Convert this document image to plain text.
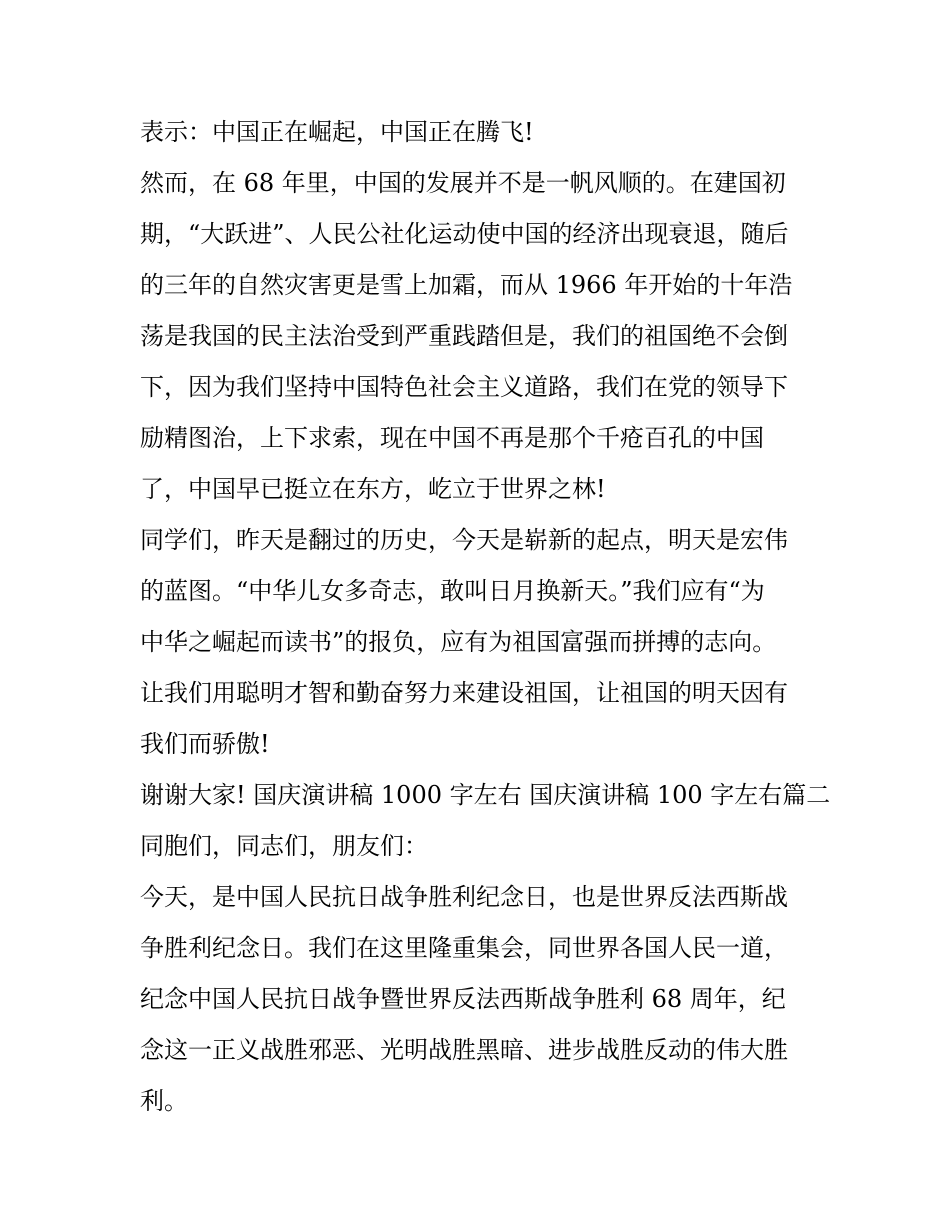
表示：中国正在崛起，中国正在腾飞!
然而，在 68 年里，中国的发展并不是一帆风顺的。在建国初
期，“大跃进”、人民公社化运动使中国的经济出现衰退，随后
的三年的自然灾害更是雪上加霜，而从 1966 年开始的十年浩
荡是我国的民主法治受到严重践踏但是，我们的祖国绝不会倒
下，因为我们坚持中国特色社会主义道路，我们在党的领导下
励精图治，上下求索，现在中国不再是那个千疮百孔的中国
了，中国早已挺立在东方，屹立于世界之林!
同学们，昨天是翻过的历史，今天是崭新的起点，明天是宏伟
的蓝图。“中华儿女多奇志，敢叫日月换新天。”我们应有“为
中华之崛起而读书”的报负，应有为祖国富强而拼搏的志向。
让我们用聪明才智和勤奋努力来建设祖国，让祖国的明天因有
我们而骄傲!
谢谢大家! 国庆演讲稿 1000 字左右 国庆演讲稿 100 字左右篇二
同胞们，同志们，朋友们：
今天，是中国人民抗日战争胜利纪念日，也是世界反法西斯战
争胜利纪念日。我们在这里隆重集会，同世界各国人民一道，
纪念中国人民抗日战争暨世界反法西斯战争胜利 68 周年，纪
念这一正义战胜邪恶、光明战胜黑暗、进步战胜反动的伟大胜
利。
